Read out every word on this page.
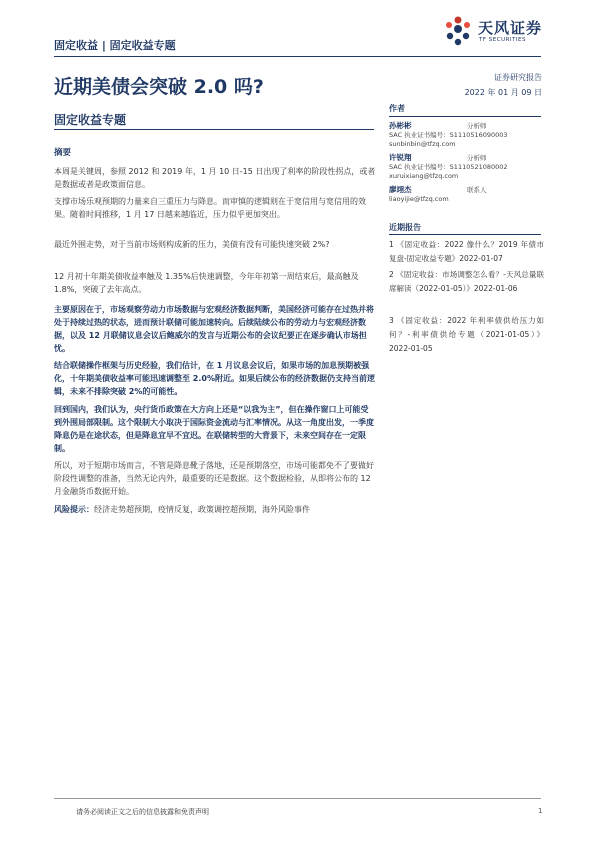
固定收益 | 固定收益专题
天风证券
TF SECURITIES
近期美债会突破 2.0 吗?	证券研究报告
2022 年 01 月 09 日
固定收益专题
摘要
本周是关键周，参照 2012 和 2019 年，1 月 10 日-15 日出现了利率的阶段性拐点，或者是数据或者是政策面信息。
支撑市场乐观预期的力量来自三重压力与降息。而审慎的逻辑则在于宽信用与宽信用的效果。随着时间推移，1 月 17 日越来越临近，压力似乎更加突出。
最近外围走势，对于当前市场则构成新的压力，美债有没有可能快速突破 2%?
12 月初十年期美债收益率触及 1.35%后快速调整，今年年初第一周结束后，最高触及 1.8%，突破了去年高点。
主要原因在于，市场观察劳动力市场数据与宏观经济数据判断，美国经济可能存在过热并将处于持续过热的状态，进而预计联储可能加速转向。后续陆续公布的劳动力与宏观经济数据，以及 12 月联储议息会议后鲍威尔的发言与近期公布的会议纪要正在逐步确认市场担忧。
结合联储操作框架与历史经验，我们估计，在 1 月议息会议后，如果市场的加息预期被强化，十年期美债收益率可能迅速调整至 2.0%附近。如果后续公布的经济数据仍支持当前逻辑，未来不排除突破 2%的可能性。
回到国内，我们认为，央行货币政策在大方向上还是“以我为主”，但在操作窗口上可能受到外围局部限制。这个限制大小取决于国际资金流动与汇率情况。从这一角度出发，一季度降息仍是在途状态，但是降息宜早不宜迟。在联储转型的大背景下，未来空间存在一定限制。
所以，对于短期市场而言，不管是降息靴子落地，还是预期落空，市场可能都免不了要做好阶段性调整的准备，当然无论内外，最重要的还是数据。这个数据检验，从即将公布的 12 月金融货币数据开始。
风险提示：经济走势超预期，疫情反复，政策调控超预期，海外风险事件
作者
孙彬彬	分析师
SAC 执业证书编号：S1110516090003
sunbinbin@tfzq.com
许锐翔	分析师
SAC 执业证书编号：S1110521080002
xuruixiang@tfzq.com
廖翊杰	联系人
liaoyijie@tfzq.com
近期报告
1 《固定收益：2022 像什么？2019 年债市复盘-固定收益专题》2022-01-07
2 《固定收益：市场调整怎么看？-天风总量联席解读（2022-01-05）》2022-01-06
3 《固定收益：2022 年利率债供给压力如何？-利率债供给专题（2021-01-05）》 2022-01-05
请务必阅读正文之后的信息披露和免责声明	1
